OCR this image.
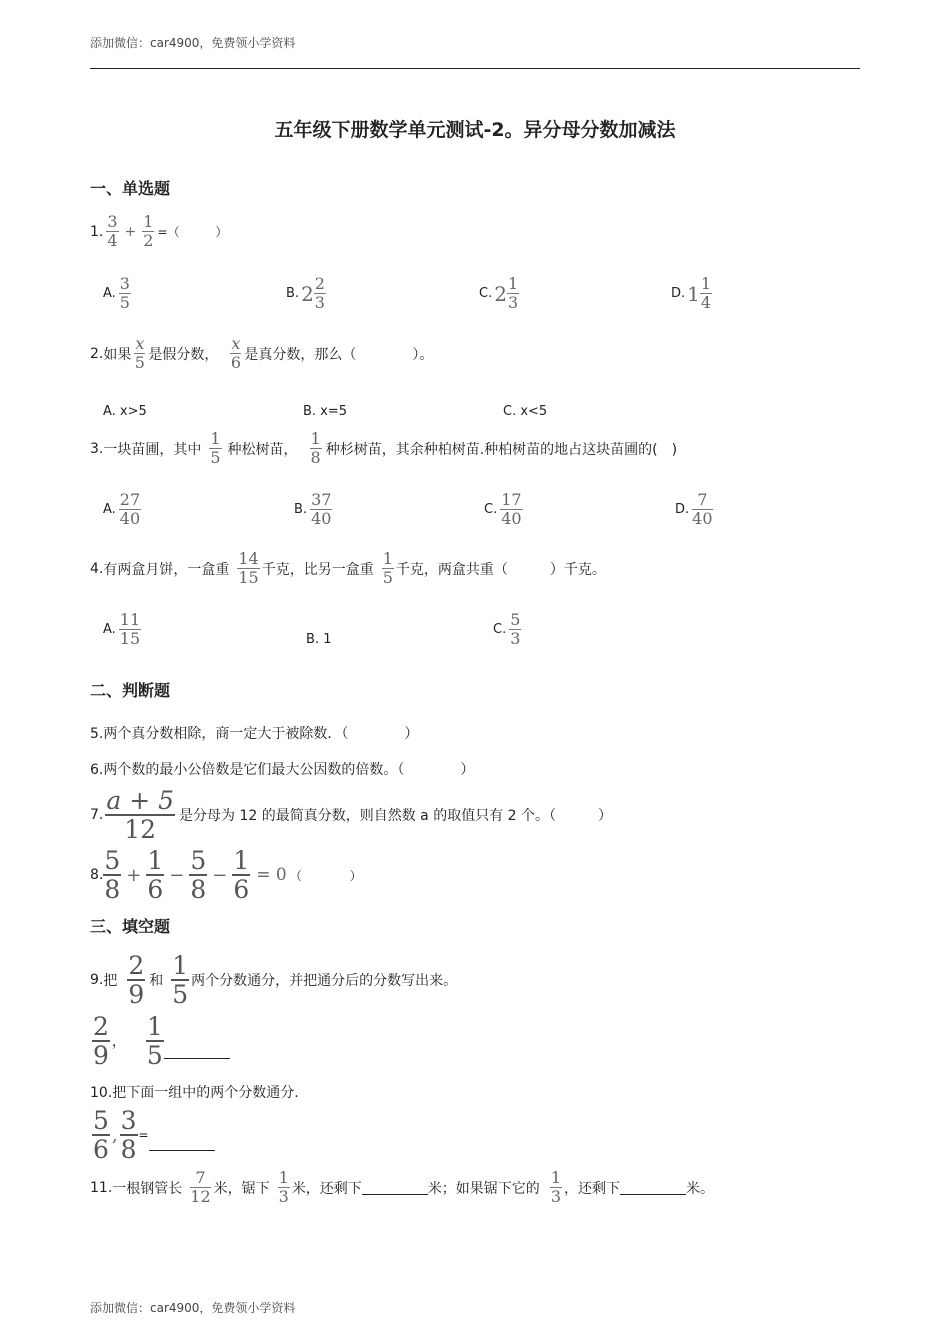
添加微信：car4900，免费领小学资料
五年级下册数学单元测试-2。异分母分数加减法
一、单选题
1.
3
4 +
1
2 =（　　　）
A.
3
5	B. 2 2
3	C. 2 1
3	D. 1 1
4
2. 如果
x
5 是假分数，
x
6 是真分数，那么（　　　　）。
A. x>5	B. x=5	C. x<5
3. 一块苗圃，其中
1
5 种松树苗，
1
8 种杉树苗，其余种柏树苗.种柏树苗的地占这块苗圃的(　)
A.
27
40	B.
37
40	C.
17
40	D.
7
40
4. 有两盒月饼，一盒重
14
15 千克，比另一盒重
1
5 千克，两盒共重（　　　）千克。
A.
11
15	B.
1
C.
5
3
二、判断题
5.两个真分数相除，商一定大于被除数．（　　　　）
6.两个数的最小公倍数是它们最大公因数的倍数。（　　　　）
7. a + 5
12 是分母为 12 的最简真分数，则自然数 a 的取值只有 2 个。（　　　）
8. 5
8 + 1
6 − 5
8 − 1
6 = 0 （　　　　）
三、填空题
9. 把
2
9 和
1
5 两个分数通分，并把通分后的分数写出来。
2
9 ，
1
5
10.把下面一组中的两个分数通分.
5
6 , 3
8 =
11. 一根钢管长
7
12 米，锯下
1
3 米，还剩下	米；如果锯下它的
1
3 ，还剩下	米。
添加微信：car4900，免费领小学资料
